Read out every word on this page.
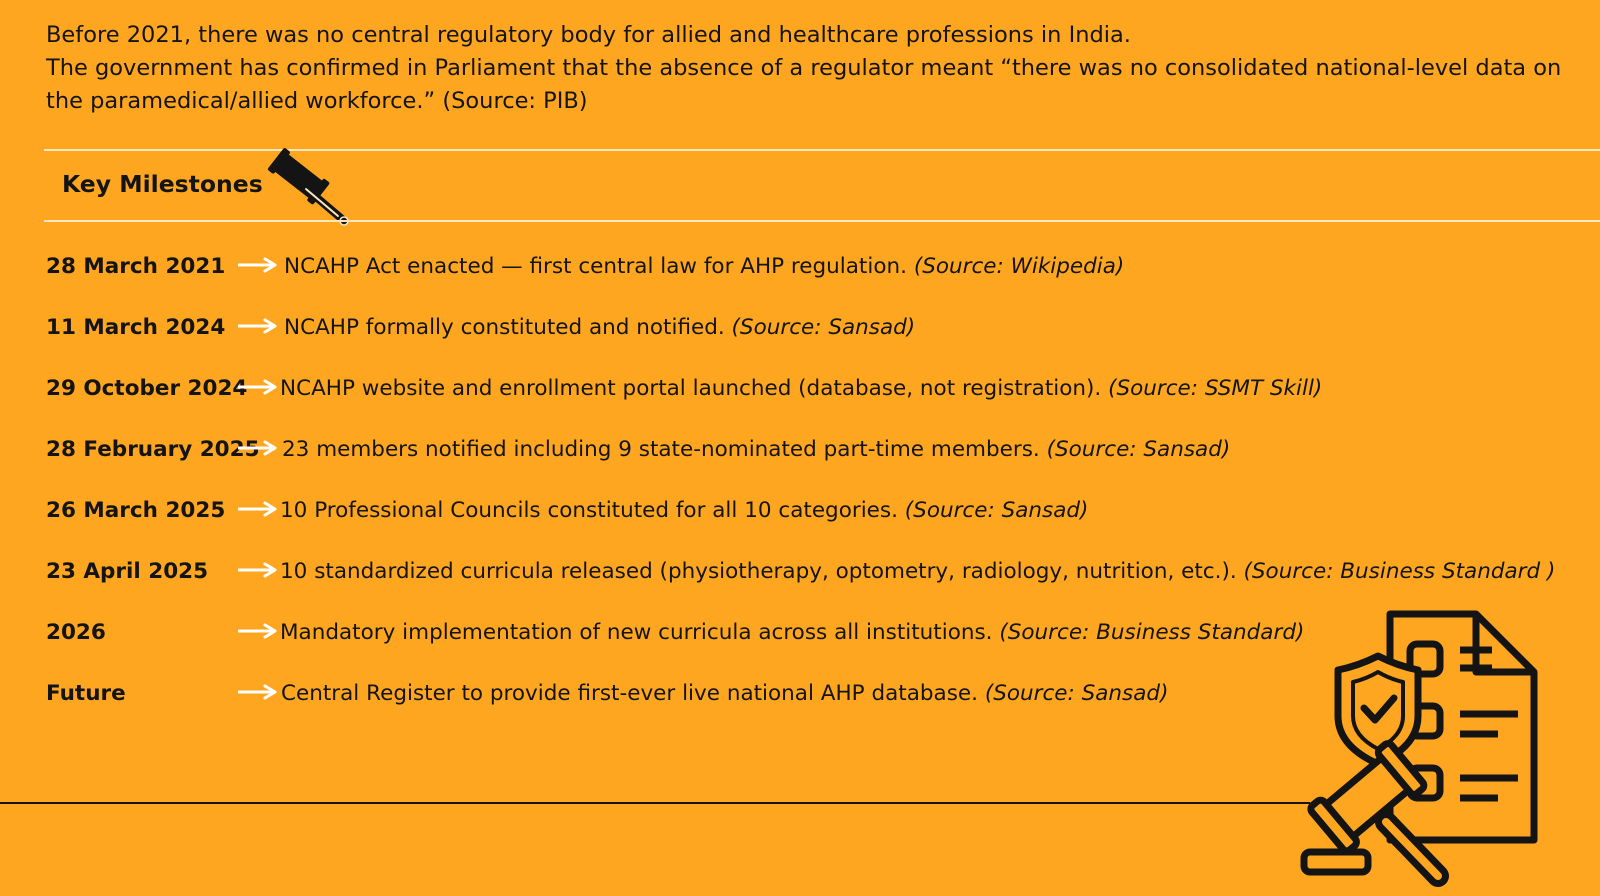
Before 2021, there was no central regulatory body for allied and healthcare professions in India.

The government has confirmed in Parliament that the absence of a regulator meant “there was no consolidated national-level data on the paramedical/allied workforce.” (Source: PIB)

Key Milestones
28 March 2021	NCAHP Act enacted — first central law for AHP regulation. (Source: Wikipedia)
11 March 2024	NCAHP formally constituted and notified. (Source: Sansad)
29 October 2024 NCAHP website and enrollment portal launched (database, not registration). (Source: SSMT Skill)
28 February 2025 23 members notified including 9 state-nominated part-time members. (Source: Sansad)
26 March 2025	10 Professional Councils constituted for all 10 categories. (Source: Sansad)
23 April 2025	10 standardized curricula released (physiotherapy, optometry, radiology, nutrition, etc.). (Source: Business Standard )
2026	Mandatory implementation of new curricula across all institutions. (Source: Business Standard)
Future	Central Register to provide first-ever live national AHP database. (Source: Sansad)
